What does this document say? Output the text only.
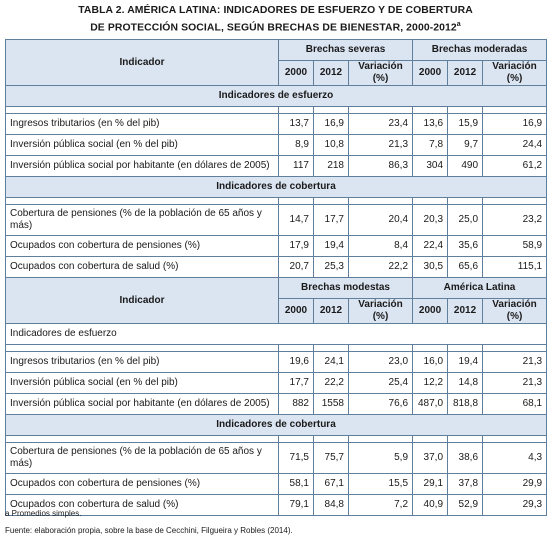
TABLA 2. AMÉRICA LATINA: INDICADORES DE ESFUERZO Y DE COBERTURA
DE PROTECCIÓN SOCIAL, SEGÚN BRECHAS DE BIENESTAR, 2000-2012$^a$
Indicador	Brechas severas			Brechas moderadas		
	2000	2012	Variación (%)	2000	2012	Variación (%)
Indicadores de esfuerzo						

Ingresos tributarios (en % del pib)	13,7	16,9	23,4	13,6	15,9	16,9
Inversión pública social (en % del pib)	8,9	10,8	21,3	7,8	9,7	24,4
Inversión pública social por habitante (en dólares de 2005)	117	218	86,3	304	490	61,2
Indicadores de cobertura						

Cobertura de pensiones (% de la población de 65 años y más)	14,7	17,7	20,4	20,3	25,0	23,2
Ocupados con cobertura de pensiones (%)	17,9	19,4	8,4	22,4	35,6	58,9
Ocupados con cobertura de salud (%)	20,7	25,3	22,2	30,5	65,6	115,1
Indicador	Brechas modestas			América Latina		
	2000	2012	Variación (%)	2000	2012	Variación (%)
Indicadores de esfuerzo						

Ingresos tributarios (en % del pib)	19,6	24,1	23,0	16,0	19,4	21,3
Inversión pública social (en % del pib)	17,7	22,2	25,4	12,2	14,8	21,3
Inversión pública social por habitante (en dólares de 2005)	882	1558	76,6	487,0	818,8	68,1
Indicadores de cobertura						

Cobertura de pensiones (% de la población de 65 años y más)	71,5	75,7	5,9	37,0	38,6	4,3
Ocupados con cobertura de pensiones (%)	58,1	67,1	15,5	29,1	37,8	29,9
Ocupados con cobertura de salud (%)	79,1	84,8	7,2	40,9	52,9	29,3
a Promedios simples.
Fuente: elaboración propia, sobre la base de Cecchini, Filgueira y Robles (2014).
